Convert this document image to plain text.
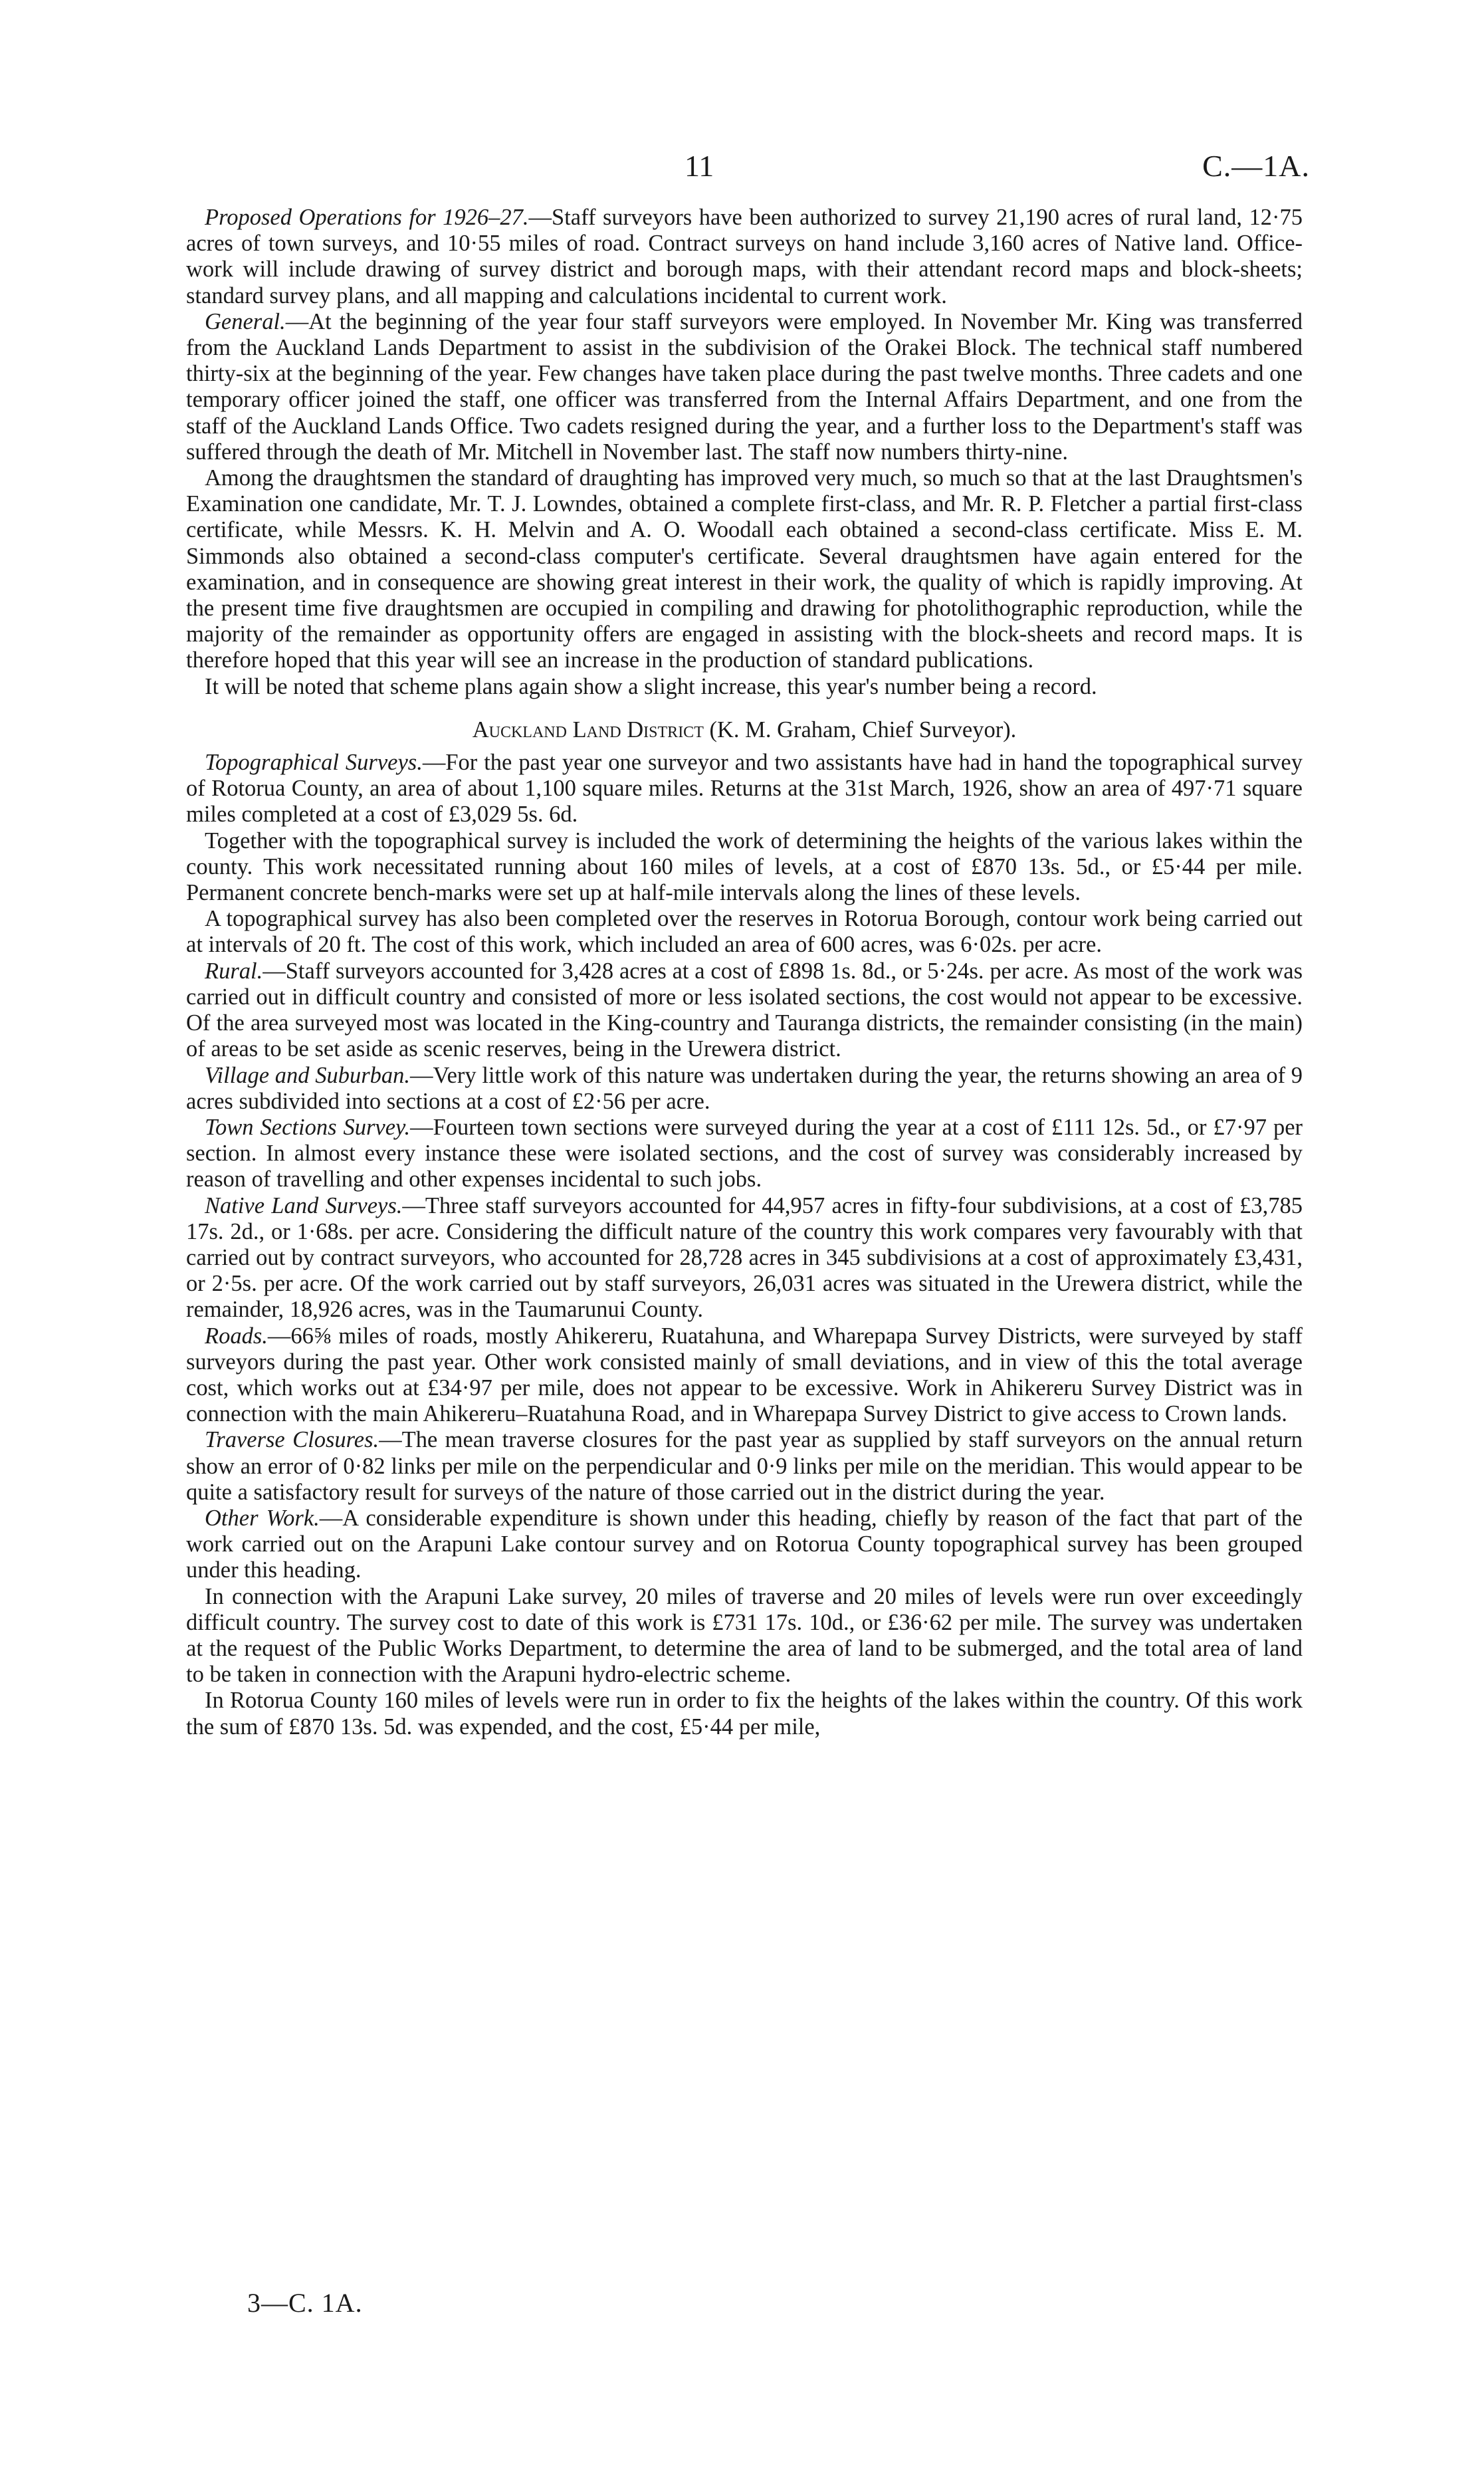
11	C.—1A.

Proposed Operations for 1926–27.—Staff surveyors have been authorized to survey 21,190 acres of rural land, 12·75 acres of town surveys, and 10·55 miles of road. Contract surveys on hand include 3,160 acres of Native land. Office-work will include drawing of survey district and borough maps, with their attendant record maps and block-sheets; standard survey plans, and all mapping and calculations incidental to current work.

General.—At the beginning of the year four staff surveyors were employed. In November Mr. King was transferred from the Auckland Lands Department to assist in the subdivision of the Orakei Block. The technical staff numbered thirty-six at the beginning of the year. Few changes have taken place during the past twelve months. Three cadets and one temporary officer joined the staff, one officer was transferred from the Internal Affairs Department, and one from the staff of the Auckland Lands Office. Two cadets resigned during the year, and a further loss to the Department's staff was suffered through the death of Mr. Mitchell in November last. The staff now numbers thirty-nine.

Among the draughtsmen the standard of draughting has improved very much, so much so that at the last Draughtsmen's Examination one candidate, Mr. T. J. Lowndes, obtained a complete first-class, and Mr. R. P. Fletcher a partial first-class certificate, while Messrs. K. H. Melvin and A. O. Woodall each obtained a second-class certificate. Miss E. M. Simmonds also obtained a second-class computer's certificate. Several draughtsmen have again entered for the examination, and in consequence are showing great interest in their work, the quality of which is rapidly improving. At the present time five draughtsmen are occupied in compiling and drawing for photolithographic reproduction, while the majority of the remainder as opportunity offers are engaged in assisting with the block-sheets and record maps. It is therefore hoped that this year will see an increase in the production of standard publications.

It will be noted that scheme plans again show a slight increase, this year's number being a record.

Auckland Land District (K. M. Graham, Chief Surveyor).

Topographical Surveys.—For the past year one surveyor and two assistants have had in hand the topographical survey of Rotorua County, an area of about 1,100 square miles. Returns at the 31st March, 1926, show an area of 497·71 square miles completed at a cost of £3,029 5s. 6d.

Together with the topographical survey is included the work of determining the heights of the various lakes within the county. This work necessitated running about 160 miles of levels, at a cost of £870 13s. 5d., or £5·44 per mile. Permanent concrete bench-marks were set up at half-mile intervals along the lines of these levels.

A topographical survey has also been completed over the reserves in Rotorua Borough, contour work being carried out at intervals of 20 ft. The cost of this work, which included an area of 600 acres, was 6·02s. per acre.

Rural.—Staff surveyors accounted for 3,428 acres at a cost of £898 1s. 8d., or 5·24s. per acre. As most of the work was carried out in difficult country and consisted of more or less isolated sections, the cost would not appear to be excessive. Of the area surveyed most was located in the King-country and Tauranga districts, the remainder consisting (in the main) of areas to be set aside as scenic reserves, being in the Urewera district.

Village and Suburban.—Very little work of this nature was undertaken during the year, the returns showing an area of 9 acres subdivided into sections at a cost of £2·56 per acre.

Town Sections Survey.—Fourteen town sections were surveyed during the year at a cost of £111 12s. 5d., or £7·97 per section. In almost every instance these were isolated sections, and the cost of survey was considerably increased by reason of travelling and other expenses incidental to such jobs.

Native Land Surveys.—Three staff surveyors accounted for 44,957 acres in fifty-four subdivisions, at a cost of £3,785 17s. 2d., or 1·68s. per acre. Considering the difficult nature of the country this work compares very favourably with that carried out by contract surveyors, who accounted for 28,728 acres in 345 subdivisions at a cost of approximately £3,431, or 2·5s. per acre. Of the work carried out by staff surveyors, 26,031 acres was situated in the Urewera district, while the remainder, 18,926 acres, was in the Taumarunui County.

Roads.—66⅝ miles of roads, mostly Ahikereru, Ruatahuna, and Wharepapa Survey Districts, were surveyed by staff surveyors during the past year. Other work consisted mainly of small deviations, and in view of this the total average cost, which works out at £34·97 per mile, does not appear to be excessive. Work in Ahikereru Survey District was in connection with the main Ahikereru–Ruatahuna Road, and in Wharepapa Survey District to give access to Crown lands.

Traverse Closures.—The mean traverse closures for the past year as supplied by staff surveyors on the annual return show an error of 0·82 links per mile on the perpendicular and 0·9 links per mile on the meridian. This would appear to be quite a satisfactory result for surveys of the nature of those carried out in the district during the year.

Other Work.—A considerable expenditure is shown under this heading, chiefly by reason of the fact that part of the work carried out on the Arapuni Lake contour survey and on Rotorua County topographical survey has been grouped under this heading.

In connection with the Arapuni Lake survey, 20 miles of traverse and 20 miles of levels were run over exceedingly difficult country. The survey cost to date of this work is £731 17s. 10d., or £36·62 per mile. The survey was undertaken at the request of the Public Works Department, to determine the area of land to be submerged, and the total area of land to be taken in connection with the Arapuni hydro-electric scheme.

In Rotorua County 160 miles of levels were run in order to fix the heights of the lakes within the country. Of this work the sum of £870 13s. 5d. was expended, and the cost, £5·44 per mile,

3—C. 1A.
